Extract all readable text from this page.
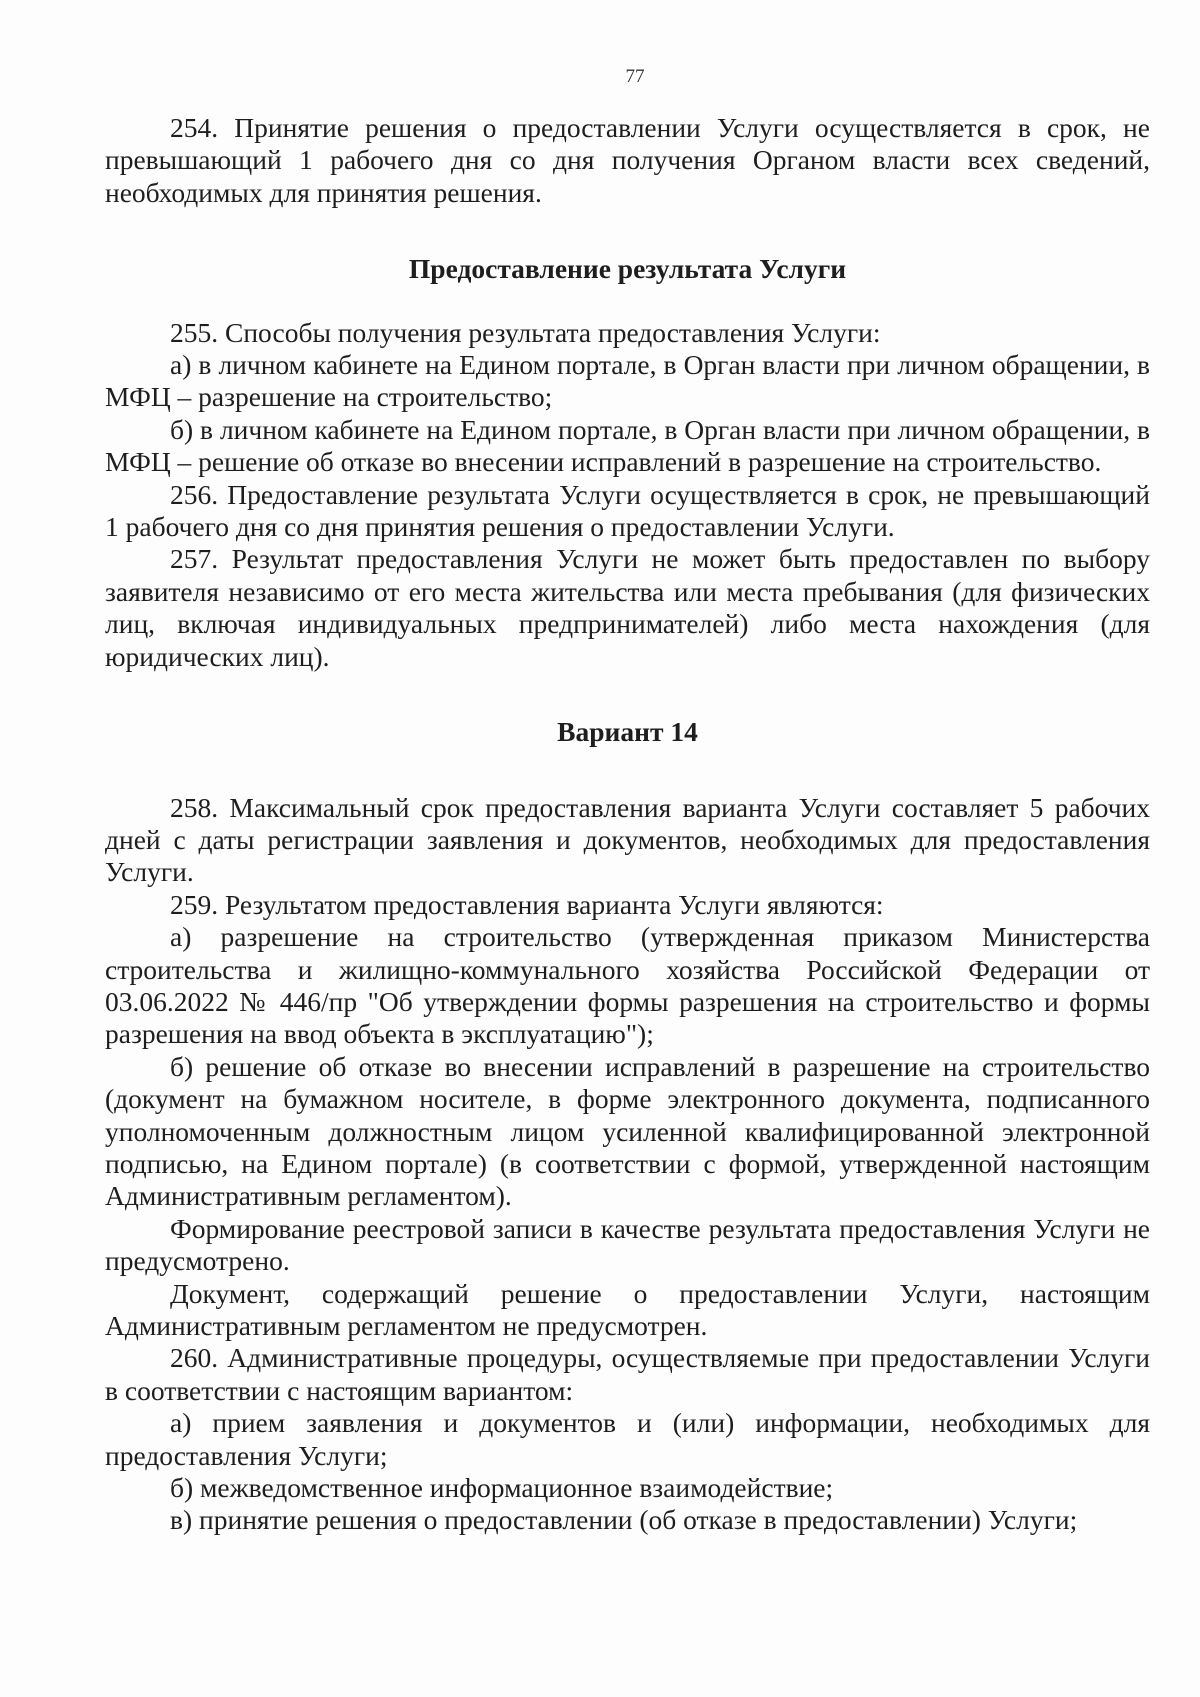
77

254. Принятие решения о предоставлении Услуги осуществляется в срок, не превышающий 1 рабочего дня со дня получения Органом власти всех сведений, необходимых для принятия решения.

Предоставление результата Услуги

255. Способы получения результата предоставления Услуги:

а) в личном кабинете на Едином портале, в Орган власти при личном обращении, в МФЦ – разрешение на строительство;

б) в личном кабинете на Едином портале, в Орган власти при личном обращении, в МФЦ – решение об отказе во внесении исправлений в разрешение на строительство.

256. Предоставление результата Услуги осуществляется в срок, не превышающий 1 рабочего дня со дня принятия решения о предоставлении Услуги.

257. Результат предоставления Услуги не может быть предоставлен по выбору заявителя независимо от его места жительства или места пребывания (для физических лиц, включая индивидуальных предпринимателей) либо места нахождения (для юридических лиц).

Вариант 14

258. Максимальный срок предоставления варианта Услуги составляет 5 рабочих дней с даты регистрации заявления и документов, необходимых для предоставления Услуги.

259. Результатом предоставления варианта Услуги являются:

а) разрешение на строительство (утвержденная приказом Министерства строительства и жилищно-коммунального хозяйства Российской Федерации от 03.06.2022 № 446/пр "Об утверждении формы разрешения на строительство и формы разрешения на ввод объекта в эксплуатацию");

б) решение об отказе во внесении исправлений в разрешение на строительство (документ на бумажном носителе, в форме электронного документа, подписанного уполномоченным должностным лицом усиленной квалифицированной электронной подписью, на Едином портале) (в соответствии с формой, утвержденной настоящим Административным регламентом).

Формирование реестровой записи в качестве результата предоставления Услуги не предусмотрено.

Документ, содержащий решение о предоставлении Услуги, настоящим Административным регламентом не предусмотрен.

260. Административные процедуры, осуществляемые при предоставлении Услуги в соответствии с настоящим вариантом:

а) прием заявления и документов и (или) информации, необходимых для предоставления Услуги;

б) межведомственное информационное взаимодействие;

в) принятие решения о предоставлении (об отказе в предоставлении) Услуги;
